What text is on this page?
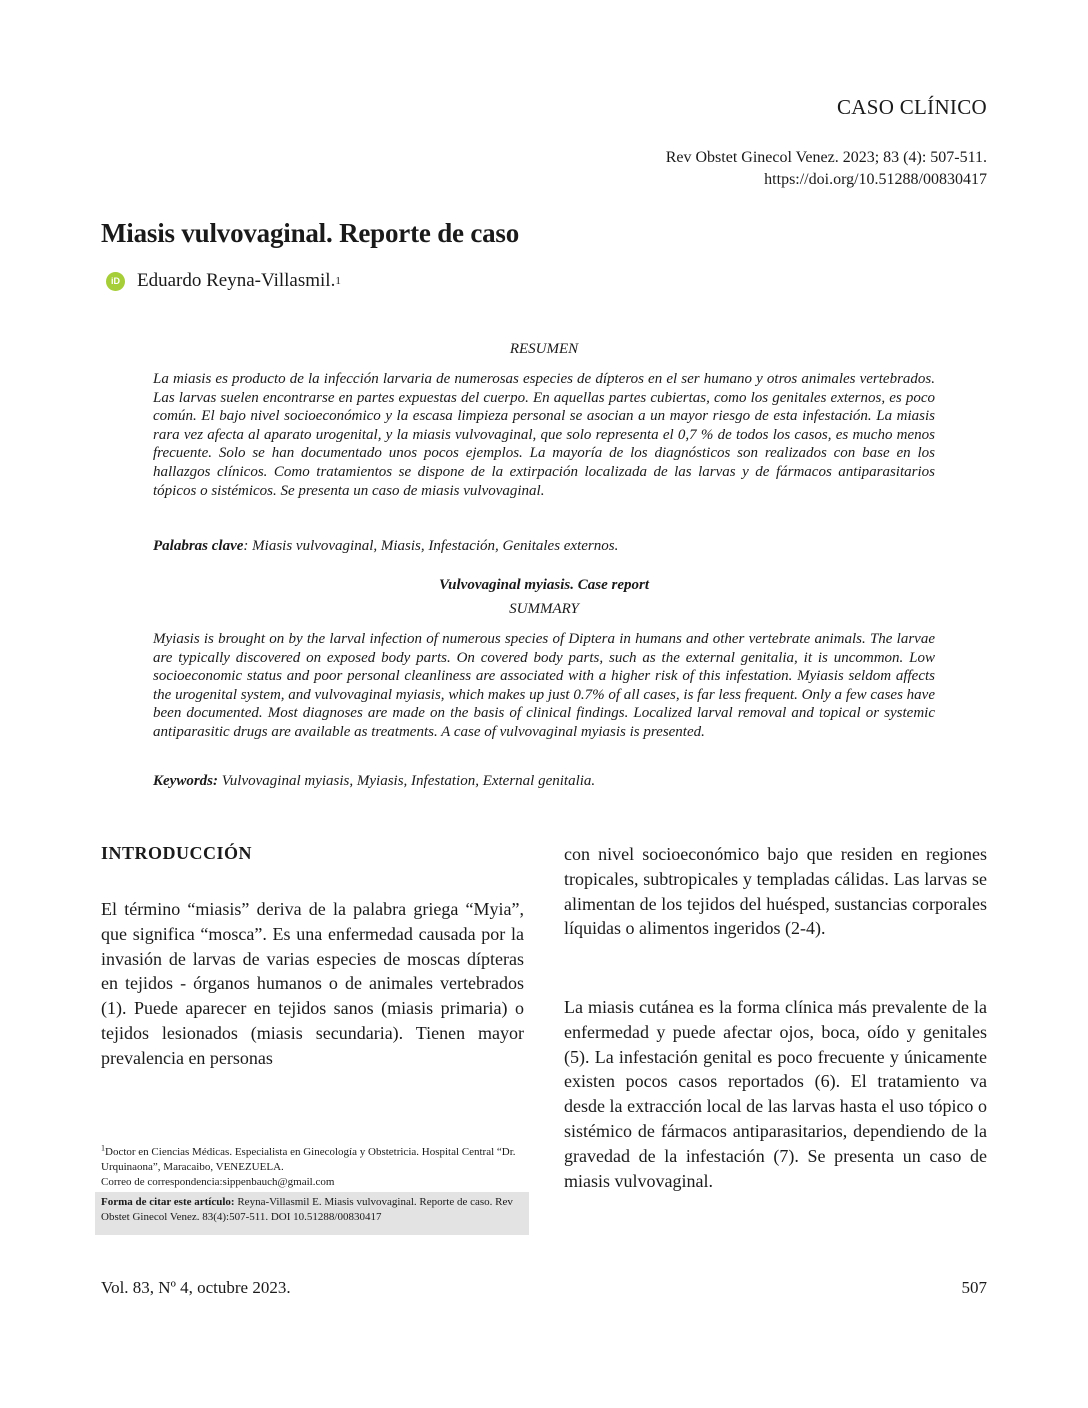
CASO CLÍNICO
Rev Obstet Ginecol Venez. 2023; 83 (4): 507-511.
https://doi.org/10.51288/00830417
Miasis vulvovaginal. Reporte de caso
iD Eduardo Reyna-Villasmil. 1
RESUMEN

La miasis es producto de la infección larvaria de numerosas especies de dípteros en el ser humano y otros animales vertebrados. Las larvas suelen encontrarse en partes expuestas del cuerpo. En aquellas partes cubiertas, como los genitales externos, es poco común. El bajo nivel socioeconómico y la escasa limpieza personal se asocian a un mayor riesgo de esta infestación. La miasis rara vez afecta al aparato urogenital, y la miasis vulvovaginal, que solo representa el 0,7 % de todos los casos, es mucho menos frecuente. Solo se han documentado unos pocos ejemplos. La mayoría de los diagnósticos son realizados con base en los hallazgos clínicos. Como tratamientos se dispone de la extirpación localizada de las larvas y de fármacos antiparasitarios tópicos o sistémicos. Se presenta un caso de miasis vulvovaginal.

Palabras clave: Miasis vulvovaginal, Miasis, Infestación, Genitales externos.
Vulvovaginal myiasis. Case report
SUMMARY

Myiasis is brought on by the larval infection of numerous species of Diptera in humans and other vertebrate animals. The larvae are typically discovered on exposed body parts. On covered body parts, such as the external genitalia, it is uncommon. Low socioeconomic status and poor personal cleanliness are associated with a higher risk of this infestation. Myiasis seldom affects the urogenital system, and vulvovaginal myiasis, which makes up just 0.7% of all cases, is far less frequent. Only a few cases have been documented. Most diagnoses are made on the basis of clinical findings. Localized larval removal and topical or systemic antiparasitic drugs are available as treatments. A case of vulvovaginal myiasis is presented.

Keywords: Vulvovaginal myiasis, Myiasis, Infestation, External genitalia.
INTRODUCCIÓN

El término “miasis” deriva de la palabra griega “Myia”, que significa “mosca”. Es una enfermedad causada por la invasión de larvas de varias especies de moscas dípteras en tejidos - órganos humanos o de animales vertebrados (1). Puede aparecer en tejidos sanos (miasis primaria) o tejidos lesionados (miasis secundaria). Tienen mayor prevalencia en personas

con nivel socioeconómico bajo que residen en regiones tropicales, subtropicales y templadas cálidas. Las larvas se alimentan de los tejidos del huésped, sustancias corporales líquidas o alimentos ingeridos (2-4).

La miasis cutánea es la forma clínica más prevalente de la enfermedad y puede afectar ojos, boca, oído y genitales (5). La infestación genital es poco frecuente y únicamente existen pocos casos reportados (6). El tratamiento va desde la extracción local de las larvas hasta el uso tópico o sistémico de fármacos antiparasitarios, dependiendo de la gravedad de la infestación (7). Se presenta un caso de miasis vulvovaginal.

$^1$Doctor en Ciencias Médicas. Especialista en Ginecología y Obstetricia. Hospital Central “Dr. Urquinaona”, Maracaibo, VENEZUELA.
Correo de correspondencia:sippenbauch@gmail.com
Forma de citar este artículo: Reyna-Villasmil E. Miasis vulvovaginal. Reporte de caso. Rev Obstet Ginecol Venez. 83(4):507-511. DOI 10.51288/00830417
Vol. 83, Nº 4, octubre 2023.	507
